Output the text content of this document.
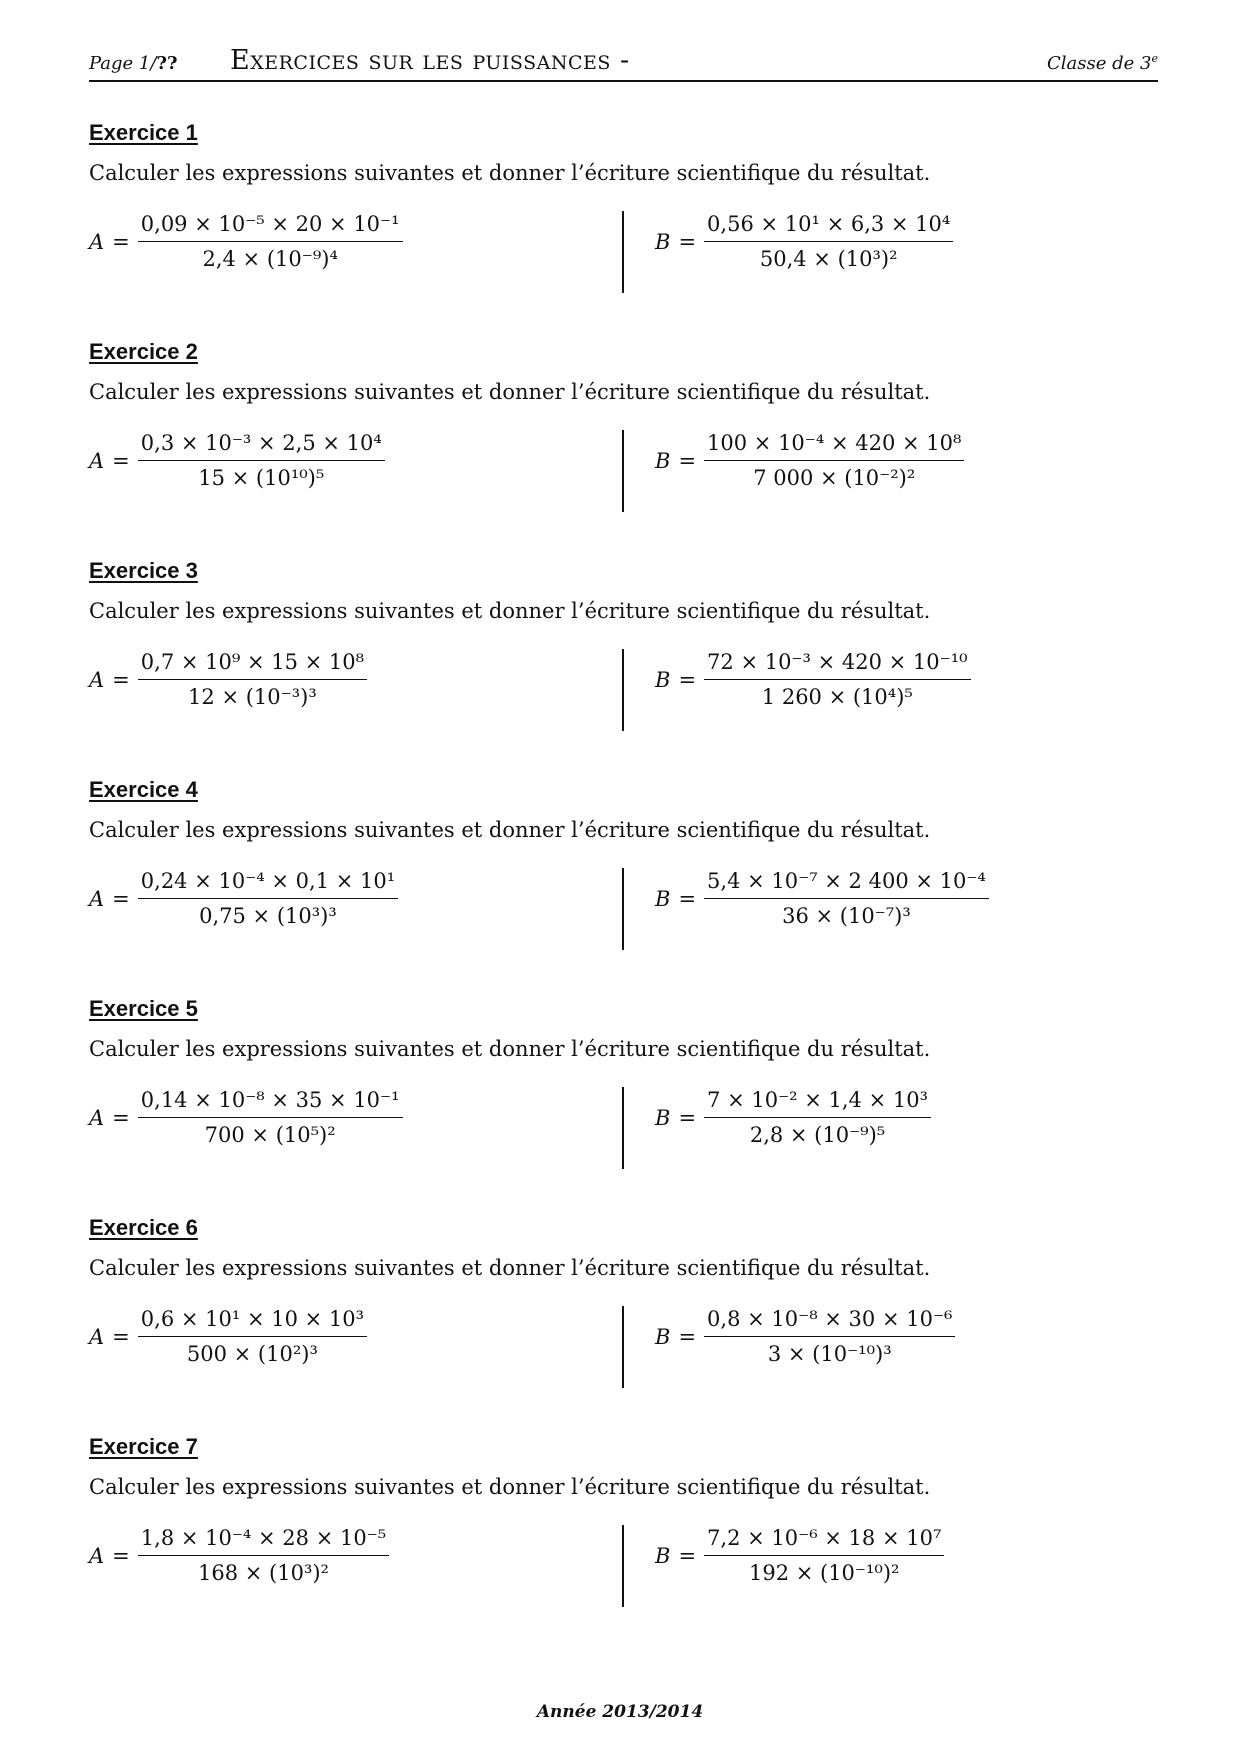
Page 1/?? Exercices sur les puissances -	Classe de 3e
Exercice 1
Calculer les expressions suivantes et donner l’écriture scientifique du résultat.
$A = \frac{\text{0,09 × 10⁻⁵ × 20 × 10⁻¹}}{\text{2,4 × (10⁻⁹)⁴}}$	$B = \frac{\text{0,56 × 10¹ × 6,3 × 10⁴}}{\text{50,4 × (10³)²}}$
Exercice 2
Calculer les expressions suivantes et donner l’écriture scientifique du résultat.
$A = \frac{\text{0,3 × 10⁻³ × 2,5 × 10⁴}}{\text{15 × (10¹⁰)⁵}}$	$B = \frac{\text{100 × 10⁻⁴ × 420 × 10⁸}}{\text{7 000 × (10⁻²)²}}$
Exercice 3
Calculer les expressions suivantes et donner l’écriture scientifique du résultat.
$A = \frac{\text{0,7 × 10⁹ × 15 × 10⁸}}{\text{12 × (10⁻³)³}}$	$B = \frac{\text{72 × 10⁻³ × 420 × 10⁻¹⁰}}{\text{1 260 × (10⁴)⁵}}$
Exercice 4
Calculer les expressions suivantes et donner l’écriture scientifique du résultat.
$A = \frac{\text{0,24 × 10⁻⁴ × 0,1 × 10¹}}{\text{0,75 × (10³)³}}$	$B = \frac{\text{5,4 × 10⁻⁷ × 2 400 × 10⁻⁴}}{\text{36 × (10⁻⁷)³}}$
Exercice 5
Calculer les expressions suivantes et donner l’écriture scientifique du résultat.
$A = \frac{\text{0,14 × 10⁻⁸ × 35 × 10⁻¹}}{\text{700 × (10⁵)²}}$	$B = \frac{\text{7 × 10⁻² × 1,4 × 10³}}{\text{2,8 × (10⁻⁹)⁵}}$
Exercice 6
Calculer les expressions suivantes et donner l’écriture scientifique du résultat.
$A = \frac{\text{0,6 × 10¹ × 10 × 10³}}{\text{500 × (10²)³}}$	$B = \frac{\text{0,8 × 10⁻⁸ × 30 × 10⁻⁶}}{\text{3 × (10⁻¹⁰)³}}$
Exercice 7
Calculer les expressions suivantes et donner l’écriture scientifique du résultat.
$A = \frac{\text{1,8 × 10⁻⁴ × 28 × 10⁻⁵}}{\text{168 × (10³)²}}$	$B = \frac{\text{7,2 × 10⁻⁶ × 18 × 10⁷}}{\text{192 × (10⁻¹⁰)²}}$
Année 2013/2014
